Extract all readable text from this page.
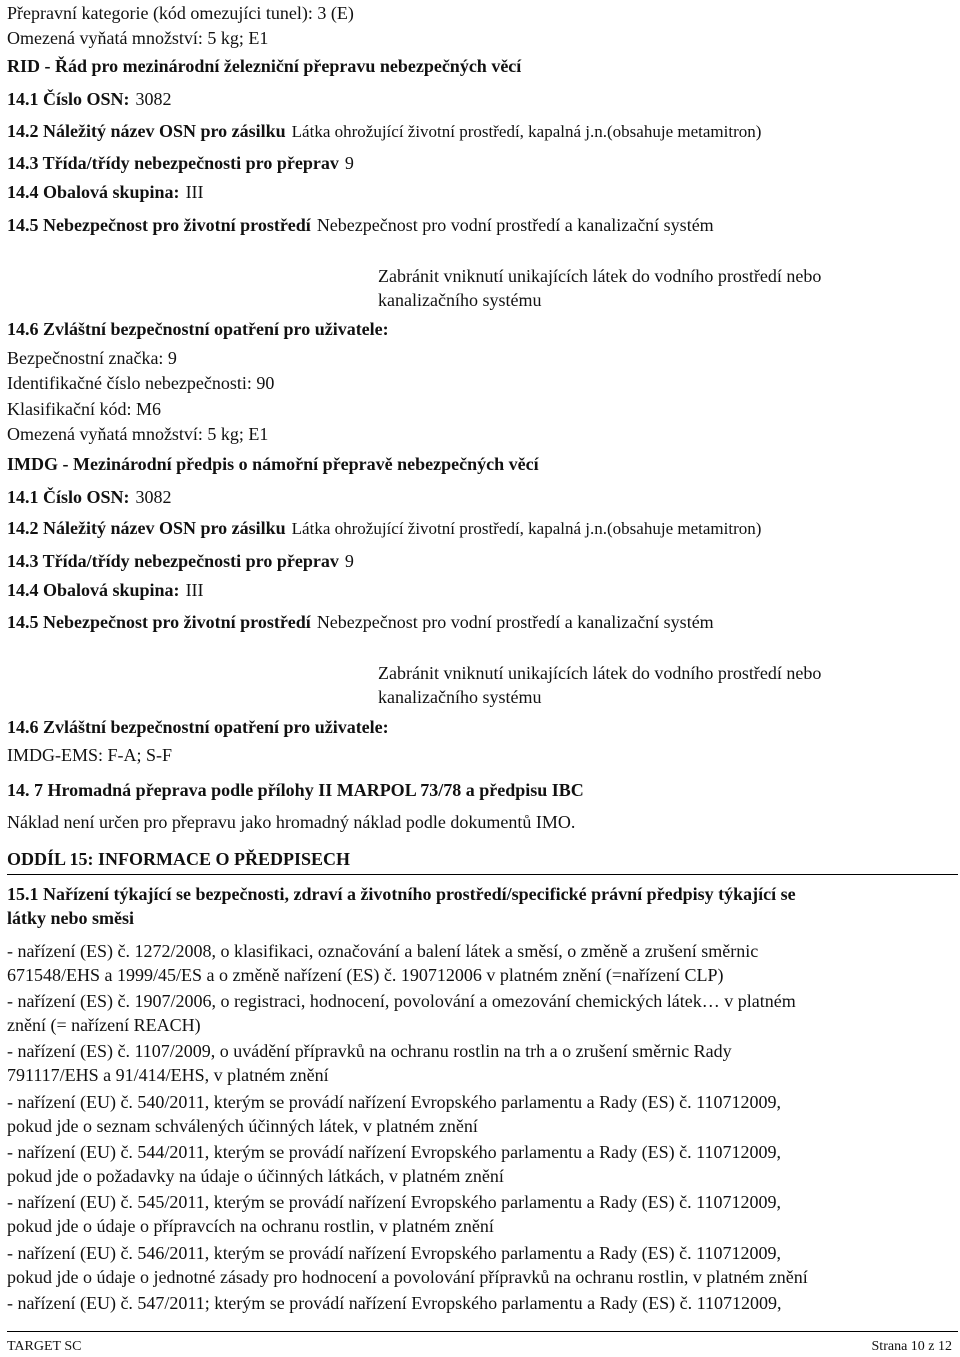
Přepravní kategorie (kód omezujíci tunel): 3 (E)
Omezená vyňatá množství: 5 kg; E1
RID - Řád pro mezinárodní železniční přepravu nebezpečných věcí
14.1 Číslo OSN: 3082
14.2 Náležitý název OSN pro zásilku Látka ohrožující životní prostředí, kapalná j.n.(obsahuje metamitron)
14.3 Třída/třídy nebezpečnosti pro přeprav 9
14.4 Obalová skupina: III
14.5 Nebezpečnost pro životní prostředí Nebezpečnost pro vodní prostředí a kanalizační systém
Zabránit vniknutí unikajících látek do vodního prostředí nebo
kanalizačního systému
14.6 Zvláštní bezpečnostní opatření pro uživatele:
Bezpečnostní značka: 9
Identifikačné číslo nebezpečnosti: 90
Klasifikační kód: M6
Omezená vyňatá množství: 5 kg; E1
IMDG - Mezinárodní předpis o námořní přepravě nebezpečných věcí
14.1 Číslo OSN: 3082
14.2 Náležitý název OSN pro zásilku Látka ohrožující životní prostředí, kapalná j.n.(obsahuje metamitron)
14.3 Třída/třídy nebezpečnosti pro přeprav 9
14.4 Obalová skupina: III
14.5 Nebezpečnost pro životní prostředí Nebezpečnost pro vodní prostředí a kanalizační systém
Zabránit vniknutí unikajících látek do vodního prostředí nebo
kanalizačního systému
14.6 Zvláštní bezpečnostní opatření pro uživatele:
IMDG-EMS: F-A; S-F
14. 7 Hromadná přeprava podle přílohy II MARPOL 73/78 a předpisu IBC
Náklad není určen pro přepravu jako hromadný náklad podle dokumentů IMO.
ODDÍL 15: INFORMACE O PŘEDPISECH
15.1 Nařízení týkající se bezpečnosti, zdraví a životního prostředí/specifické právní předpisy týkající se
látky nebo směsi
- nařízení (ES) č. 1272/2008, o klasifikaci, označování a balení látek a směsí, o změně a zrušení směrnic
671548/EHS a 1999/45/ES a o změně nařízení (ES) č. 190712006 v platném znění (=nařízení CLP)
- nařízení (ES) č. 1907/2006, o registraci, hodnocení, povolování a omezování chemických látek… v platném
znění (= nařízení REACH)
- nařízení (ES) č. 1107/2009, o uvádění přípravků na ochranu rostlin na trh a o zrušení směrnic Rady
791117/EHS a 91/414/EHS, v platném znění
- nařízení (EU) č. 540/2011, kterým se provádí nařízení Evropského parlamentu a Rady (ES) č. 110712009,
pokud jde o seznam schválených účinných látek, v platném znění
- nařízení (EU) č. 544/2011, kterým se provádí nařízení Evropského parlamentu a Rady (ES) č. 110712009,
pokud jde o požadavky na údaje o účinných látkách, v platném znění
- nařízení (EU) č. 545/2011, kterým se provádí nařízení Evropského parlamentu a Rady (ES) č. 110712009,
pokud jde o údaje o přípravcích na ochranu rostlin, v platném znění
- nařízení (EU) č. 546/2011, kterým se provádí nařízení Evropského parlamentu a Rady (ES) č. 110712009,
pokud jde o údaje o jednotné zásady pro hodnocení a povolování přípravků na ochranu rostlin, v platném znění
- nařízení (EU) č. 547/2011; kterým se provádí nařízení Evropského parlamentu a Rady (ES) č. 110712009,
TARGET SC	Strana 10 z 12
